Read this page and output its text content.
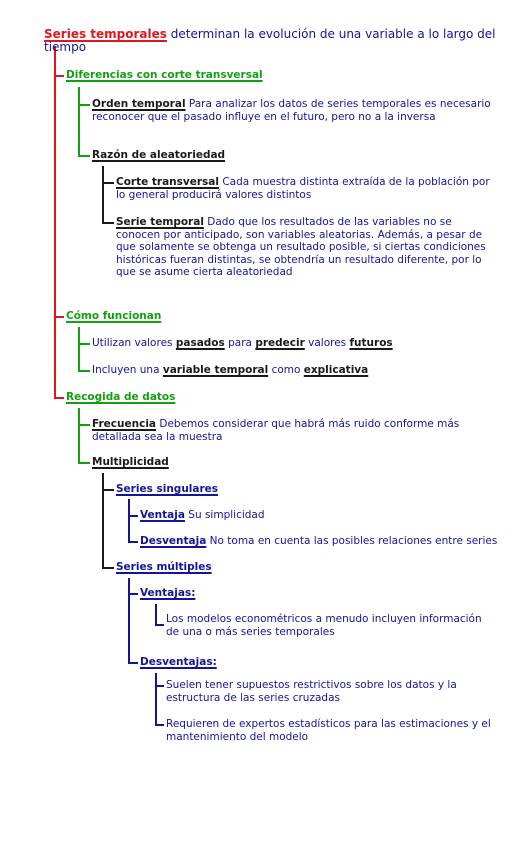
Series temporales determinan la evolución de una variable a lo largo del tiempo
Diferencias con corte transversal
Orden temporal Para analizar los datos de series temporales es necesario reconocer que el pasado influye en el futuro, pero no a la inversa
Razón de aleatoriedad
Corte transversal Cada muestra distinta extraída de la población por lo general producirá valores distintos
Serie temporal Dado que los resultados de las variables no se conocen por anticipado, son variables aleatorias. Además, a pesar de que solamente se obtenga un resultado posible, si ciertas condiciones históricas fueran distintas, se obtendría un resultado diferente, por lo que se asume cierta aleatoriedad
Cómo funcionan
Utilizan valores pasados para predecir valores futuros
Incluyen una variable temporal como explicativa
Recogida de datos
Frecuencia Debemos considerar que habrá más ruido conforme más detallada sea la muestra
Multiplicidad
Series singulares
Ventaja Su simplicidad
Desventaja No toma en cuenta las posibles relaciones entre series
Series múltiples
Ventajas:
Los modelos econométricos a menudo incluyen información de una o más series temporales
Desventajas:
Suelen tener supuestos restrictivos sobre los datos y la estructura de las series cruzadas
Requieren de expertos estadísticos para las estimaciones y el mantenimiento del modelo
